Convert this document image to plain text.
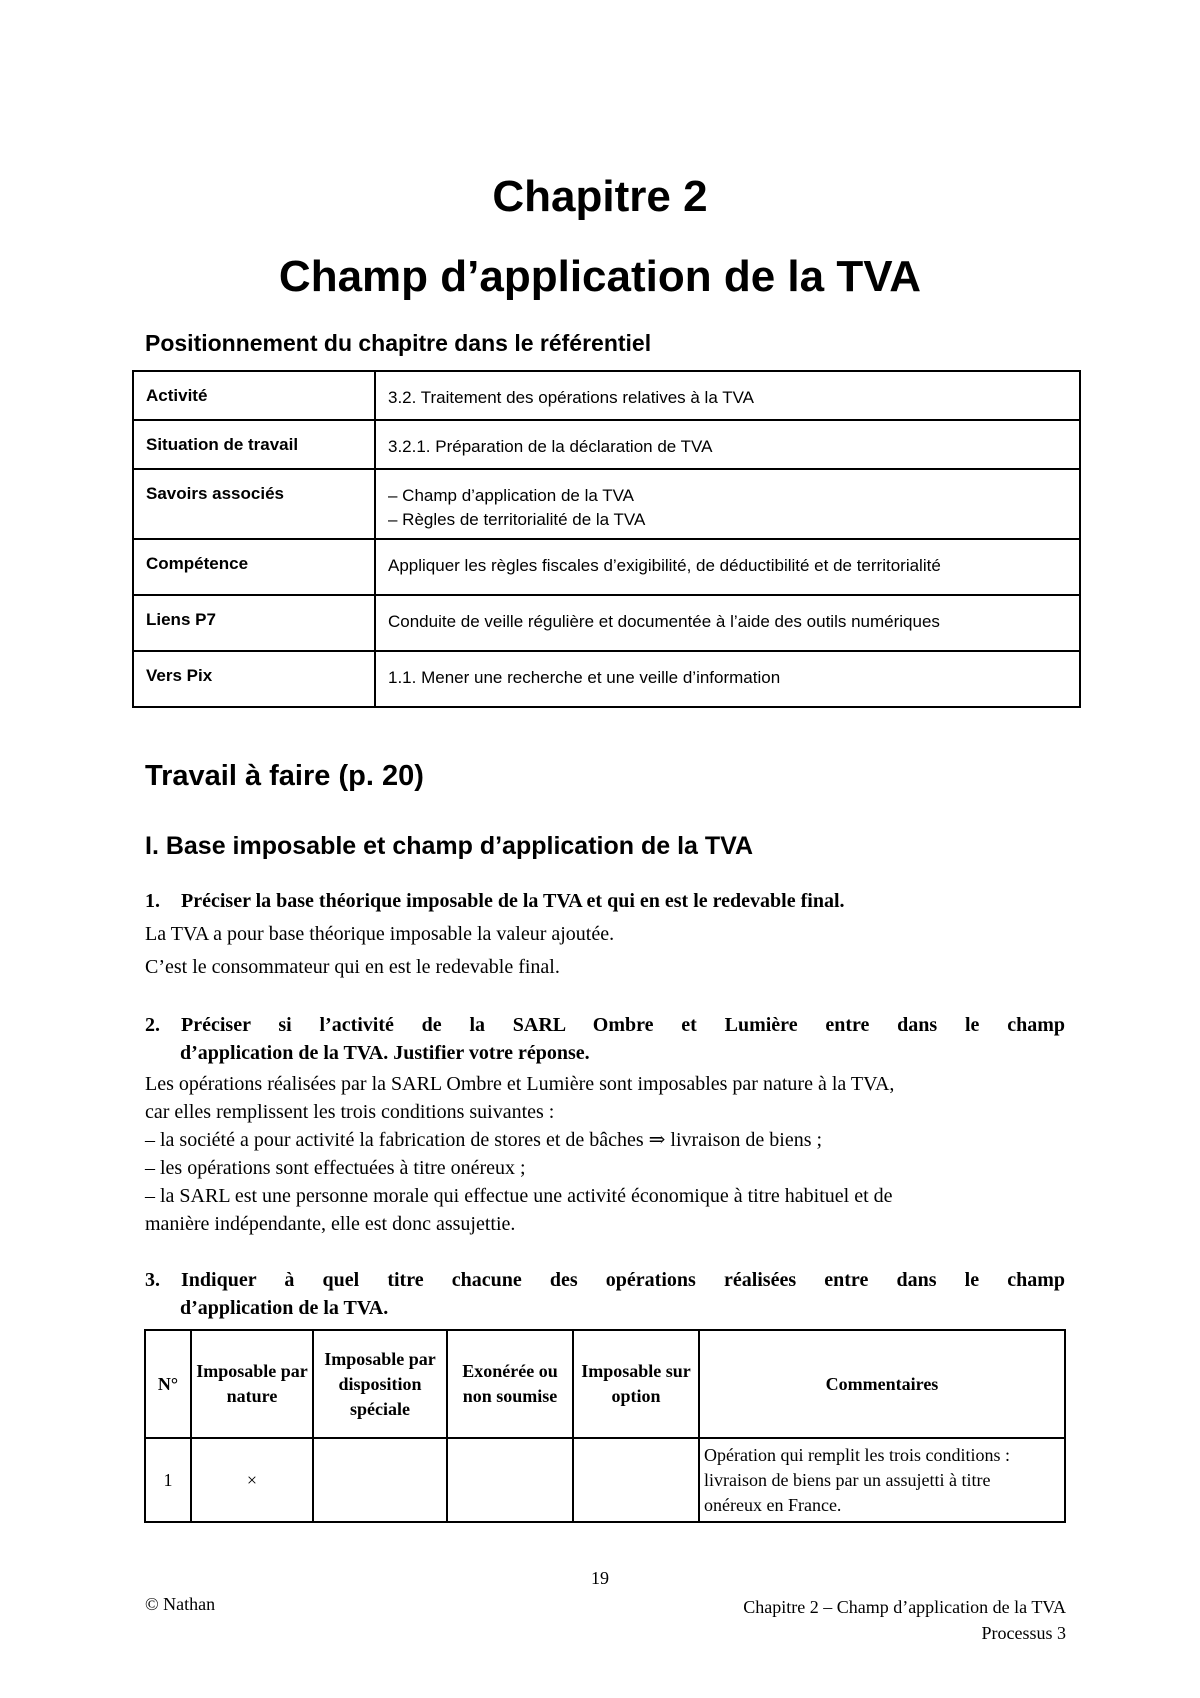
Chapitre 2
Champ d’application de la TVA
Positionnement du chapitre dans le référentiel
Activité	3.2. Traitement des opérations relatives à la TVA

Situation de travail	3.2.1. Préparation de la déclaration de TVA

Savoirs associés	– Champ d’application de la TVA
– Règles de territorialité de la TVA

Compétence	Appliquer les règles fiscales d’exigibilité, de déductibilité et de territorialité

Liens P7	Conduite de veille régulière et documentée à l’aide des outils numériques

Vers Pix	1.1. Mener une recherche et une veille d’information
Travail à faire (p. 20)
I. Base imposable et champ d’application de la TVA
1. Préciser la base théorique imposable de la TVA et qui en est le redevable final.
La TVA a pour base théorique imposable la valeur ajoutée.
C’est le consommateur qui en est le redevable final.
2. Préciser si l’activité de la SARL Ombre et Lumière entre dans le champ
d’application de la TVA. Justifier votre réponse.
Les opérations réalisées par la SARL Ombre et Lumière sont imposables par nature à la TVA,
car elles remplissent les trois conditions suivantes :
– la société a pour activité la fabrication de stores et de bâches ⇒ livraison de biens ;
– les opérations sont effectuées à titre onéreux ;
– la SARL est une personne morale qui effectue une activité économique à titre habituel et de
manière indépendante, elle est donc assujettie.
3. Indiquer à quel titre chacune des opérations réalisées entre dans le champ
d’application de la TVA.
N°	Imposable par nature	Imposable par disposition spéciale	Exonérée ou non soumise	Imposable sur option	Commentaires
1	×				Opération qui remplit les trois conditions :
livraison de biens par un assujetti à titre
onéreux en France.
19
© Nathan	Chapitre 2 – Champ d’application de la TVA
Processus 3
